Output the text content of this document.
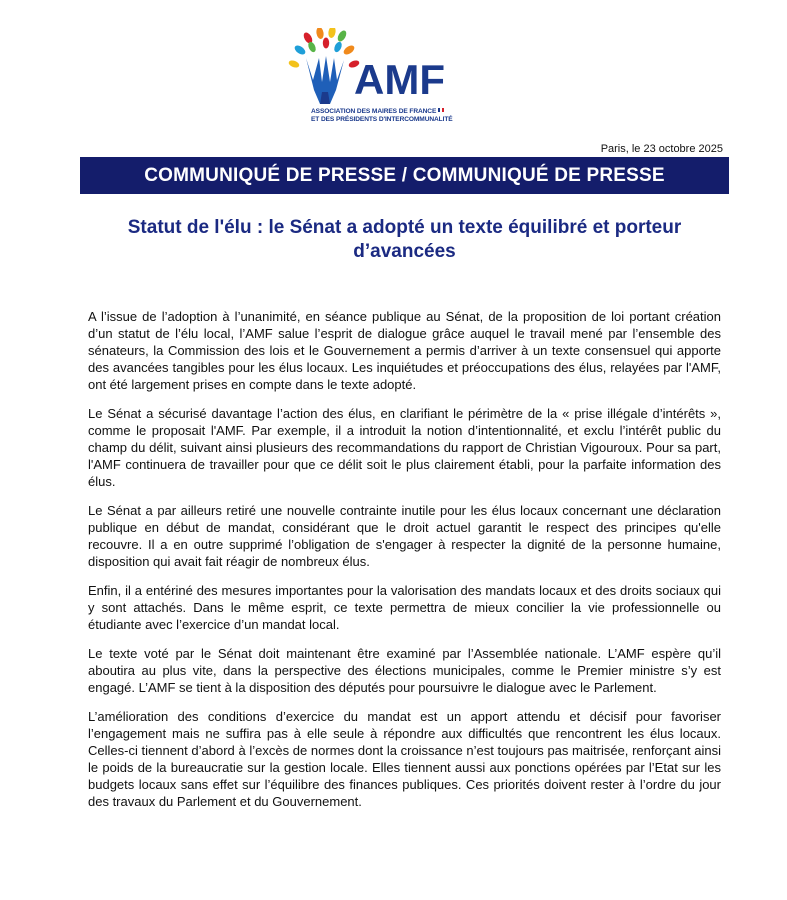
AMF
ASSOCIATION DES MAIRES DE FRANCE
ET DES PRÉSIDENTS D'INTERCOMMUNALITÉ
Paris, le 23 octobre 2025
COMMUNIQUÉ DE PRESSE / COMMUNIQUÉ DE PRESSE
Statut de l'élu : le Sénat a adopté un texte équilibré et porteur
d’avancées

A l’issue de l’adoption à l’unanimité, en séance publique au Sénat, de la proposition de loi portant création d’un statut de l’élu local, l’AMF salue l’esprit de dialogue grâce auquel le travail mené par l’ensemble des sénateurs, la Commission des lois et le Gouvernement a permis d’arriver à un texte consensuel qui apporte des avancées tangibles pour les élus locaux. Les inquiétudes et préoccupations des élus, relayées par l'AMF, ont été largement prises en compte dans le texte adopté.

Le Sénat a sécurisé davantage l’action des élus, en clarifiant le périmètre de la « prise illégale d’intérêts », comme le proposait l'AMF. Par exemple, il a introduit la notion d’intentionnalité, et exclu l’intérêt public du champ du délit, suivant ainsi plusieurs des recommandations du rapport de Christian Vigouroux. Pour sa part, l'AMF continuera de travailler pour que ce délit soit le plus clairement établi, pour la parfaite information des élus.

Le Sénat a par ailleurs retiré une nouvelle contrainte inutile pour les élus locaux concernant une déclaration publique en début de mandat, considérant que le droit actuel garantit le respect des principes qu'elle recouvre. Il a en outre supprimé l’obligation de s'engager à respecter la dignité de la personne humaine, disposition qui avait fait réagir de nombreux élus.

Enfin, il a entériné des mesures importantes pour la valorisation des mandats locaux et des droits sociaux qui y sont attachés. Dans le même esprit, ce texte permettra de mieux concilier la vie professionnelle ou étudiante avec l’exercice d’un mandat local.

Le texte voté par le Sénat doit maintenant être examiné par l’Assemblée nationale. L’AMF espère qu’il aboutira au plus vite, dans la perspective des élections municipales, comme le Premier ministre s’y est engagé. L’AMF se tient à la disposition des députés pour poursuivre le dialogue avec le Parlement.

L’amélioration des conditions d’exercice du mandat est un apport attendu et décisif pour favoriser l’engagement mais ne suffira pas à elle seule à répondre aux difficultés que rencontrent les élus locaux. Celles-ci tiennent d’abord à l’excès de normes dont la croissance n’est toujours pas maitrisée, renforçant ainsi le poids de la bureaucratie sur la gestion locale. Elles tiennent aussi aux ponctions opérées par l’Etat sur les budgets locaux sans effet sur l’équilibre des finances publiques. Ces priorités doivent rester à l’ordre du jour des travaux du Parlement et du Gouvernement.
